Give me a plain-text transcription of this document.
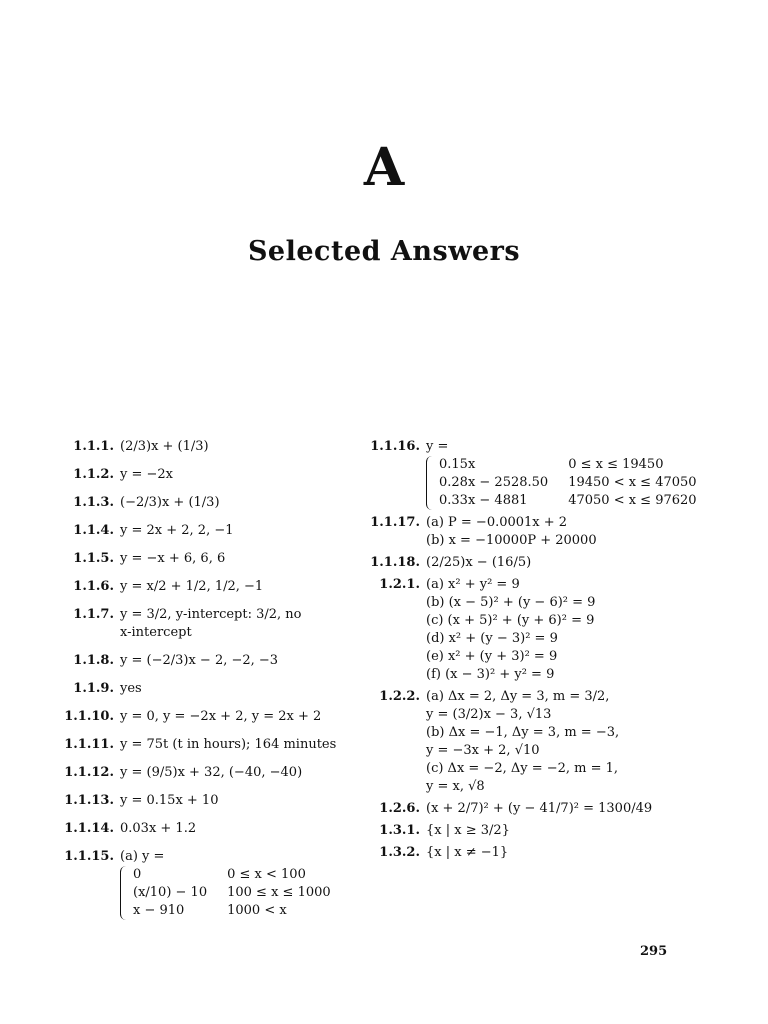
A
Selected Answers
1.1.1. (2/3)x + (1/3)
1.1.2. y = −2x
1.1.3. (−2/3)x + (1/3)
1.1.4. y = 2x + 2, 2, −1
1.1.5. y = −x + 6, 6, 6
1.1.6. y = x/2 + 1/2, 1/2, −1
1.1.7. y = 3/2, y-intercept: 3/2, no
x-intercept
1.1.8. y = (−2/3)x − 2, −2, −3
1.1.9. yes
1.1.10. y = 0, y = −2x + 2, y = 2x + 2
1.1.11. y = 75t (t in hours); 164 minutes
1.1.12. y = (9/5)x + 32, (−40, −40)
1.1.13. y = 0.15x + 10
1.1.14. 0.03x + 1.2
1.1.15. (a) y =
0	0 ≤ x < 100
(x/10) − 10	100 ≤ x ≤ 1000
x − 910	1000 < x
1.1.16. y =
0.15x	0 ≤ x ≤ 19450
0.28x − 2528.50	19450 < x ≤ 47050
0.33x − 4881	47050 < x ≤ 97620
1.1.17. (a) P = −0.0001x + 2
(b) x = −10000P + 20000
1.1.18. (2/25)x − (16/5)
1.2.1. (a) x² + y² = 9
(b) (x − 5)² + (y − 6)² = 9
(c) (x + 5)² + (y + 6)² = 9
(d) x² + (y − 3)² = 9
(e) x² + (y + 3)² = 9
(f) (x − 3)² + y² = 9
1.2.2. (a) Δx = 2, Δy = 3, m = 3/2,
y = (3/2)x − 3, √13
(b) Δx = −1, Δy = 3, m = −3,
y = −3x + 2, √10
(c) Δx = −2, Δy = −2, m = 1,
y = x, √8
1.2.6. (x + 2/7)² + (y − 41/7)² = 1300/49
1.3.1. {x | x ≥ 3/2}
1.3.2. {x | x ≠ −1}
295
